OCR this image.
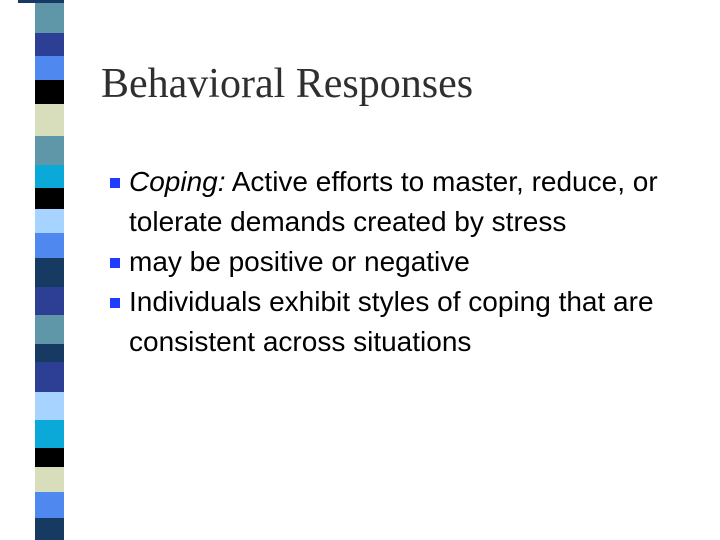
Behavioral Responses
Coping: Active efforts to master, reduce, or tolerate demands created by stress
may be positive or negative
Individuals exhibit styles of coping that are consistent across situations
